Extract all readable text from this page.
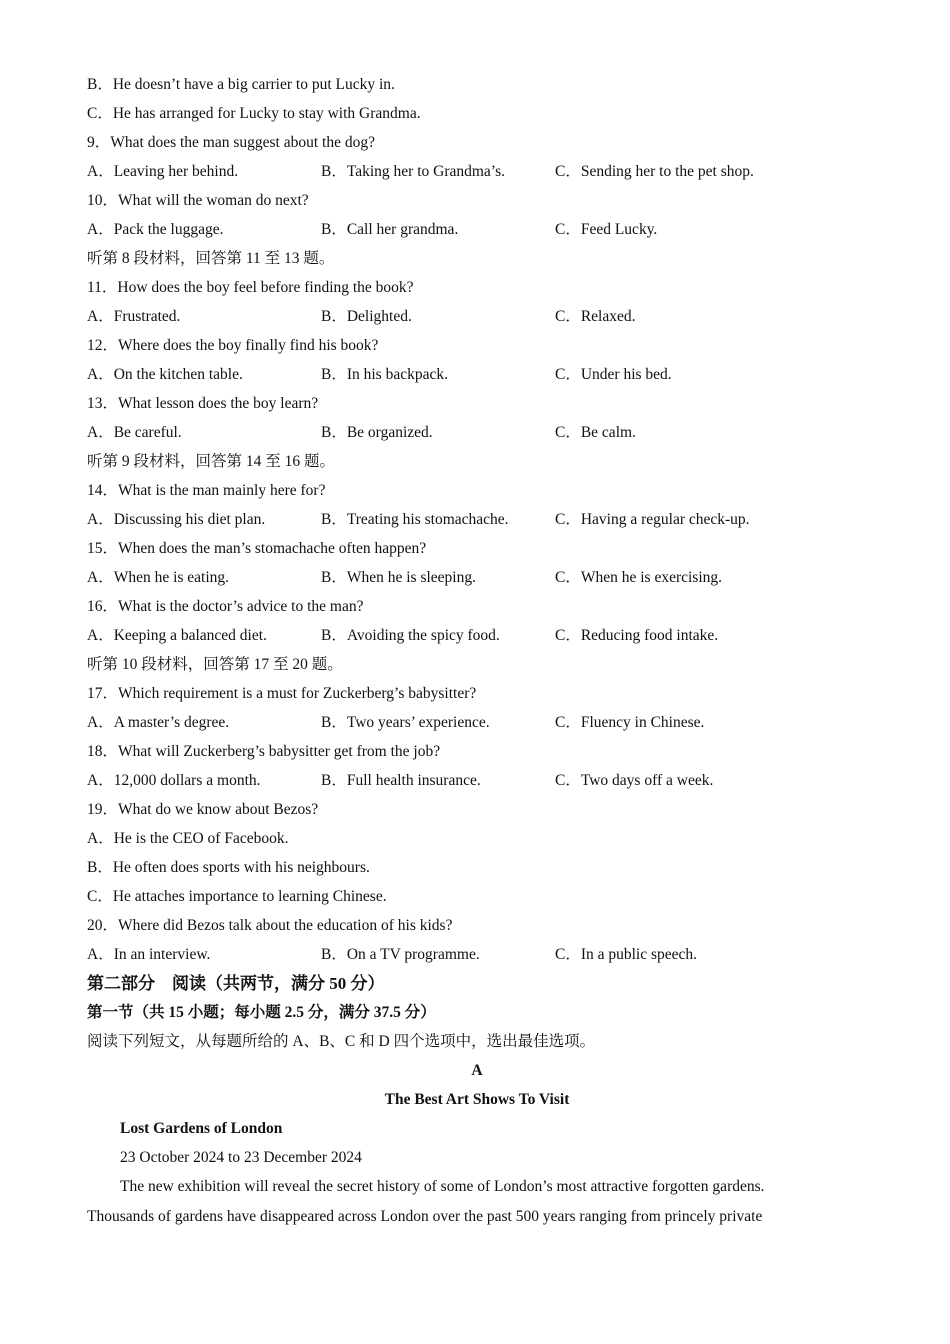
B．He doesn’t have a big carrier to put Lucky in.
C．He has arranged for Lucky to stay with Grandma.
9．What does the man suggest about the dog?
A．Leaving her behind.	B．Taking her to Grandma’s.	C．Sending her to the pet shop.
10．What will the woman do next?
A．Pack the luggage.	B．Call her grandma.	C．Feed Lucky.
听第 8 段材料，回答第 11 至 13 题。
11．How does the boy feel before finding the book?
A．Frustrated.	B．Delighted.	C．Relaxed.
12．Where does the boy finally find his book?
A．On the kitchen table.	B．In his backpack.	C．Under his bed.
13．What lesson does the boy learn?
A．Be careful.	B．Be organized.	C．Be calm.
听第 9 段材料，回答第 14 至 16 题。
14．What is the man mainly here for?
A．Discussing his diet plan.	B．Treating his stomachache.	C．Having a regular check-up.
15．When does the man’s stomachache often happen?
A．When he is eating.	B．When he is sleeping.	C．When he is exercising.
16．What is the doctor’s advice to the man?
A．Keeping a balanced diet.	B．Avoiding the spicy food.	C．Reducing food intake.
听第 10 段材料，回答第 17 至 20 题。
17．Which requirement is a must for Zuckerberg’s babysitter?
A．A master’s degree.	B．Two years’ experience.	C．Fluency in Chinese.
18．What will Zuckerberg’s babysitter get from the job?
A．12,000 dollars a month.	B．Full health insurance.	C．Two days off a week.
19．What do we know about Bezos?
A．He is the CEO of Facebook.
B．He often does sports with his neighbours.
C．He attaches importance to learning Chinese.
20．Where did Bezos talk about the education of his kids?
A．In an interview.	B．On a TV programme.	C．In a public speech.
第二部分　阅读（共两节，满分 50 分）
第一节（共 15 小题；每小题 2.5 分，满分 37.5 分）
阅读下列短文，从每题所给的 A、B、C 和 D 四个选项中，选出最佳选项。
A
The Best Art Shows To Visit
Lost Gardens of London
23 October 2024 to 23 December 2024
The new exhibition will reveal the secret history of some of London’s most attractive forgotten gardens. Thousands of gardens have disappeared across London over the past 500 years ranging from princely private
